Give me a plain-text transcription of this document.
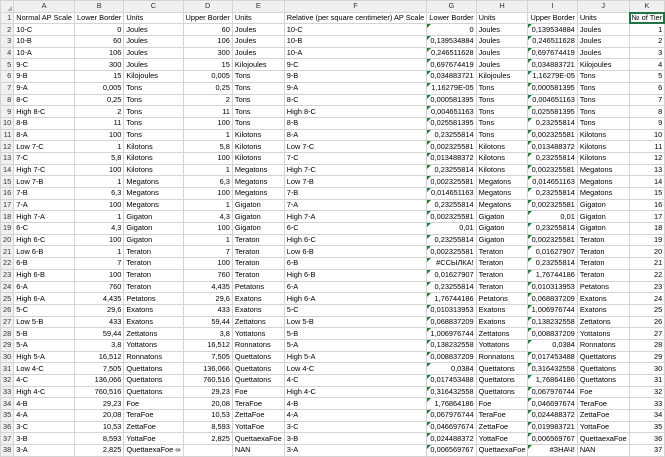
	A	B	C	D	E	F	G	H	I	J	K
1	Normal AP Scale	Lower Border	Units	Upper Border	Units	Relative (per square centimeter) AP Scale	Lower Border	Units	Upper Border	Units	№ of Tier
2	10-C	0	Joules	60	Joules	10-C	0	Joules	0,139534884	Joules	1
3	10-B	60	Joules	106	Joules	10-B	0,139534884	Joules	0,246511628	Joules	2
4	10-A	106	Joules	300	Joules	10-A	0,246511628	Joules	0,697674419	Joules	3
5	9-C	300	Joules	15	Kilojoules	9-C	0,697674419	Joules	0,034883721	Kilojoules	4
6	9-B	15	Kilojoules	0,005	Tons	9-B	0,034883721	Kilojoules	1,16279E-05	Tons	5
7	9-A	0,005	Tons	0,25	Tons	9-A	1,16279E-05	Tons	0,000581395	Tons	6
8	8-C	0,25	Tons	2	Tons	8-C	0,000581395	Tons	0,004651163	Tons	7
9	High 8-C	2	Tons	11	Tons	High 8-C	0,004651163	Tons	0,025581395	Tons	8
10	8-B	11	Tons	100	Tons	8-B	0,025581395	Tons	0,23255814	Tons	9
11	8-A	100	Tons	1	Kilotons	8-A	0,23255814	Tons	0,002325581	Kilotons	10
12	Low 7-C	1	Kilotons	5,8	Kilotons	Low 7-C	0,002325581	Kilotons	0,013488372	Kilotons	11
13	7-C	5,8	Kilotons	100	Kilotons	7-C	0,013488372	Kilotons	0,23255814	Kilotons	12
14	High 7-C	100	Kilotons	1	Megatons	High 7-C	0,23255814	Kilotons	0,002325581	Megatons	13
15	Low 7-B	1	Megatons	6,3	Megatons	Low 7-B	0,002325581	Megatons	0,014651163	Megatons	14
16	7-B	6,3	Megatons	100	Megatons	7-B	0,014651163	Megatons	0,23255814	Megatons	15
17	7-A	100	Megatons	1	Gigaton	7-A	0,23255814	Megatons	0,002325581	Gigaton	16
18	High 7-A	1	Gigaton	4,3	Gigaton	High 7-A	0,002325581	Gigaton	0,01	Gigaton	17
19	6-C	4,3	Gigaton	100	Gigaton	6-C	0,01	Gigaton	0,23255814	Gigaton	18
20	High 6-C	100	Gigaton	1	Teraton	High 6-C	0,23255814	Gigaton	0,002325581	Teraton	19
21	Low 6-B	1	Teraton	7	Teraton	Low 6-B	0,002325581	Teraton	0,01627907	Teraton	20
22	6-B	7	Teraton	100	Teraton	6-B	#ССЫЛКА!	Teraton	0,23255814	Teraton	21
23	High 6-B	100	Teraton	760	Teraton	High 6-B	0,01627907	Teraton	1,76744186	Teraton	22
24	6-A	760	Teraton	4,435	Petatons	6-A	0,23255814	Teraton	0,010313953	Petatons	23
25	High 6-A	4,435	Petatons	29,6	Exatons	High 6-A	1,76744186	Petatons	0,068837209	Exatons	24
26	5-C	29,6	Exatons	433	Exatons	5-C	0,010313953	Exatons	1,006976744	Exatons	25
27	Low 5-B	433	Exatons	59,44	Zettatons	Low 5-B	0,068837209	Exatons	0,138232558	Zettatons	26
28	5-B	59,44	Zettatons	3,8	Yottatons	5-B	1,006976744	Zettatons	0,008837209	Yottatons	27
29	5-A	3,8	Yottatons	16,512	Ronnatons	5-A	0,138232558	Yottatons	0,0384	Ronnatons	28
30	High 5-A	16,512	Ronnatons	7,505	Quettatons	High 5-A	0,008837209	Ronnatons	0,017453488	Quettatons	29
31	Low 4-C	7,505	Quettatons	136,066	Quettatons	Low 4-C	0,0384	Quettatons	0,316432558	Quettatons	30
32	4-C	136,066	Quettatons	760,516	Quettatons	4-C	0,017453488	Quettatons	1,76864186	Quettatons	31
33	High 4-C	760,516	Quettatons	29,23	Foe	High 4-C	0,316432558	Quettatons	0,067976744	Foe	32
34	4-B	29,23	Foe	20,08	TeraFoe	4-B	1,76864186	Foe	0,046697674	TeraFoe	33
35	4-A	20,08	TeraFoe	10,53	ZettaFoe	4-A	0,067976744	TeraFoe	0,024488372	ZettaFoe	34
36	3-C	10,53	ZettaFoe	8,593	YottaFoe	3-C	0,046697674	ZettaFoe	0,019983721	YottaFoe	35
37	3-B	8,593	YottaFoe	2,825	QuettaexaFoe	3-B	0,024488372	YottaFoe	0,006569767	QuettaexaFoe	36
38	3-A	2,825	QuettaexaFoe ∞		NAN	3-A	0,006569767	QuettaexaFoe	#ЗНАЧ!	NAN	37
